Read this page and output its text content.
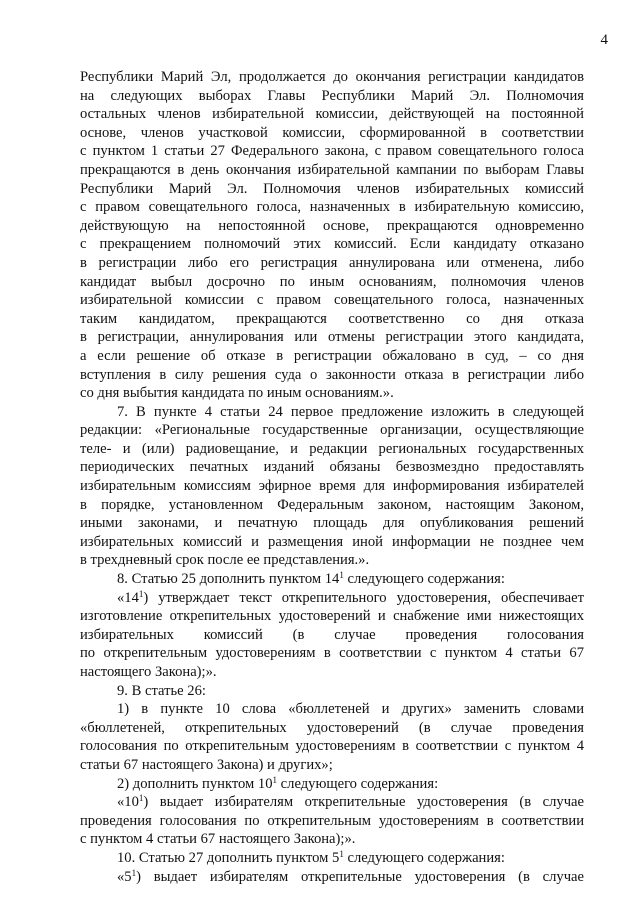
4

Республики Марий Эл, продолжается до окончания регистрации кандидатов

на следующих выборах Главы Республики Марий Эл. Полномочия

остальных членов избирательной комиссии, действующей на постоянной

основе, членов участковой комиссии, сформированной в соответствии

с пунктом 1 статьи 27 Федерального закона, с правом совещательного голоса

прекращаются в день окончания избирательной кампании по выборам Главы

Республики Марий Эл. Полномочия членов избирательных комиссий

с правом совещательного голоса, назначенных в избирательную комиссию,

действующую на непостоянной основе, прекращаются одновременно

с прекращением полномочий этих комиссий. Если кандидату отказано

в регистрации либо его регистрация аннулирована или отменена, либо

кандидат выбыл досрочно по иным основаниям, полномочия членов

избирательной комиссии с правом совещательного голоса, назначенных

таким кандидатом, прекращаются соответственно со дня отказа

в регистрации, аннулирования или отмены регистрации этого кандидата,

а если решение об отказе в регистрации обжаловано в суд, – со дня

вступления в силу решения суда о законности отказа в регистрации либо

со дня выбытия кандидата по иным основаниям.».

7. В пункте 4 статьи 24 первое предложение изложить в следующей

редакции: «Региональные государственные организации, осуществляющие

теле- и (или) радиовещание, и редакции региональных государственных

периодических печатных изданий обязаны безвозмездно предоставлять

избирательным комиссиям эфирное время для информирования избирателей

в порядке, установленном Федеральным законом, настоящим Законом,

иными законами, и печатную площадь для опубликования решений

избирательных комиссий и размещения иной информации не позднее чем

в трехдневный срок после ее представления.».

8. Статью 25 дополнить пунктом $14^1$ следующего содержания:

«$14^1$) утверждает текст открепительного удостоверения, обеспечивает

изготовление открепительных удостоверений и снабжение ими нижестоящих

избирательных комиссий (в случае проведения голосования

по открепительным удостоверениям в соответствии с пунктом 4 статьи 67

настоящего Закона);».

9. В статье 26:

1) в пункте 10 слова «бюллетеней и других» заменить словами

«бюллетеней, открепительных удостоверений (в случае проведения

голосования по открепительным удостоверениям в соответствии с пунктом 4

статьи 67 настоящего Закона) и других»;

2) дополнить пунктом $10^1$ следующего содержания:

«$10^1$) выдает избирателям открепительные удостоверения (в случае

проведения голосования по открепительным удостоверениям в соответствии

с пунктом 4 статьи 67 настоящего Закона);».

10. Статью 27 дополнить пунктом $5^1$ следующего содержания:

«$5^1$) выдает избирателям открепительные удостоверения (в случае
